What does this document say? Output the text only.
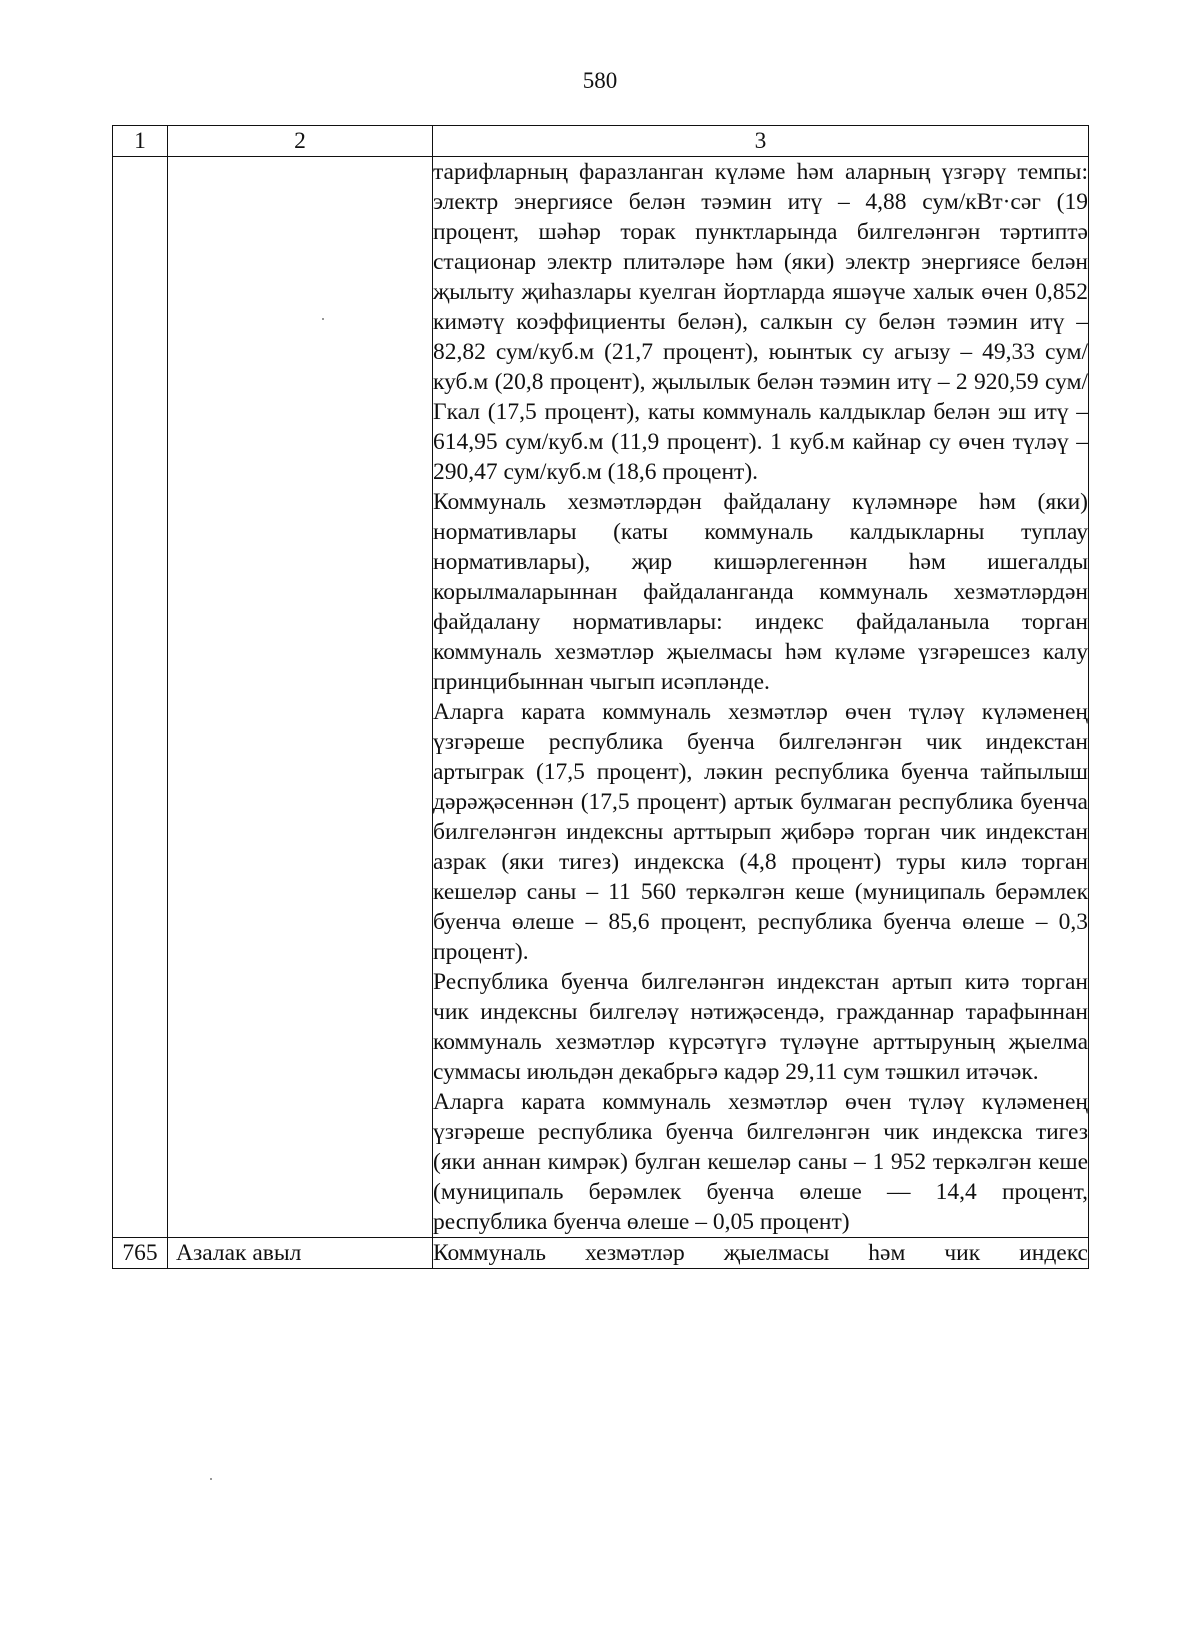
580
1	2	3

		тарифларның фаразланган күләме һәм аларның үзгәрү темпы: электр энергиясе белән тәэмин итү – 4,88 сум/кВт·сәг (19 процент, шәһәр торак пунктларында билгеләнгән тәртиптә стационар электр плитәләре һәм (яки) электр энергиясе белән җылыту җиһазлары куелган йортларда яшәүче халык өчен 0,852 кимәтү коэффициенты белән), салкын су белән тәэмин итү – 82,82 сум/куб.м (21,7 процент), юынтык су агызу – 49,33 сум/куб.м (20,8 процент), җылылык белән тәэмин итү – 2 920,59 сум/Гкал (17,5 процент), каты коммуналь калдыклар белән эш итү – 614,95 сум/куб.м (11,9 процент). 1 куб.м кайнар су өчен түләү – 290,47 сум/куб.м (18,6 процент).

Коммуналь хезмәтләрдән файдалану күләмнәре һәм (яки) нормативлары (каты коммуналь калдыкларны туплау нормативлары), җир кишәрлегеннән һәм ишегалды корылмаларыннан файдаланганда коммуналь хезмәтләрдән файдалану нормативлары: индекс файдаланыла торган коммуналь хезмәтләр җыелмасы һәм күләме үзгәрешсез калу принцибыннан чыгып исәпләнде.

Аларга карата коммуналь хезмәтләр өчен түләү күләменең үзгәреше республика буенча билгеләнгән чик индекстан артыграк (17,5 процент), ләкин республика буенча тайпылыш дәрәҗәсеннән (17,5 процент) артык булмаган республика буенча билгеләнгән индексны арттырып җибәрә торган чик индекстан азрак (яки тигез) индекска (4,8 процент) туры килә торган кешеләр саны – 11 560 теркәлгән кеше (муниципаль берәмлек буенча өлеше – 85,6 процент, республика буенча өлеше – 0,3 процент).

Республика буенча билгеләнгән индекстан артып китә торган чик индексны билгеләү нәтиҗәсендә, гражданнар тарафыннан коммуналь хезмәтләр күрсәтүгә түләүне арттыруның җыелма суммасы июльдән декабрьгә кадәр 29,11 сум тәшкил итәчәк.

Аларга карата коммуналь хезмәтләр өчен түләү күләменең үзгәреше республика буенча билгеләнгән чик индекска тигез (яки аннан кимрәк) булган кешеләр саны – 1 952 теркәлгән кеше (муниципаль берәмлек буенча өлеше –– 14,4 процент, республика буенча өлеше – 0,05 процент)

765	Азалак авыл	Коммуналь хезмәтләр җыелмасы һәм чик индекс
